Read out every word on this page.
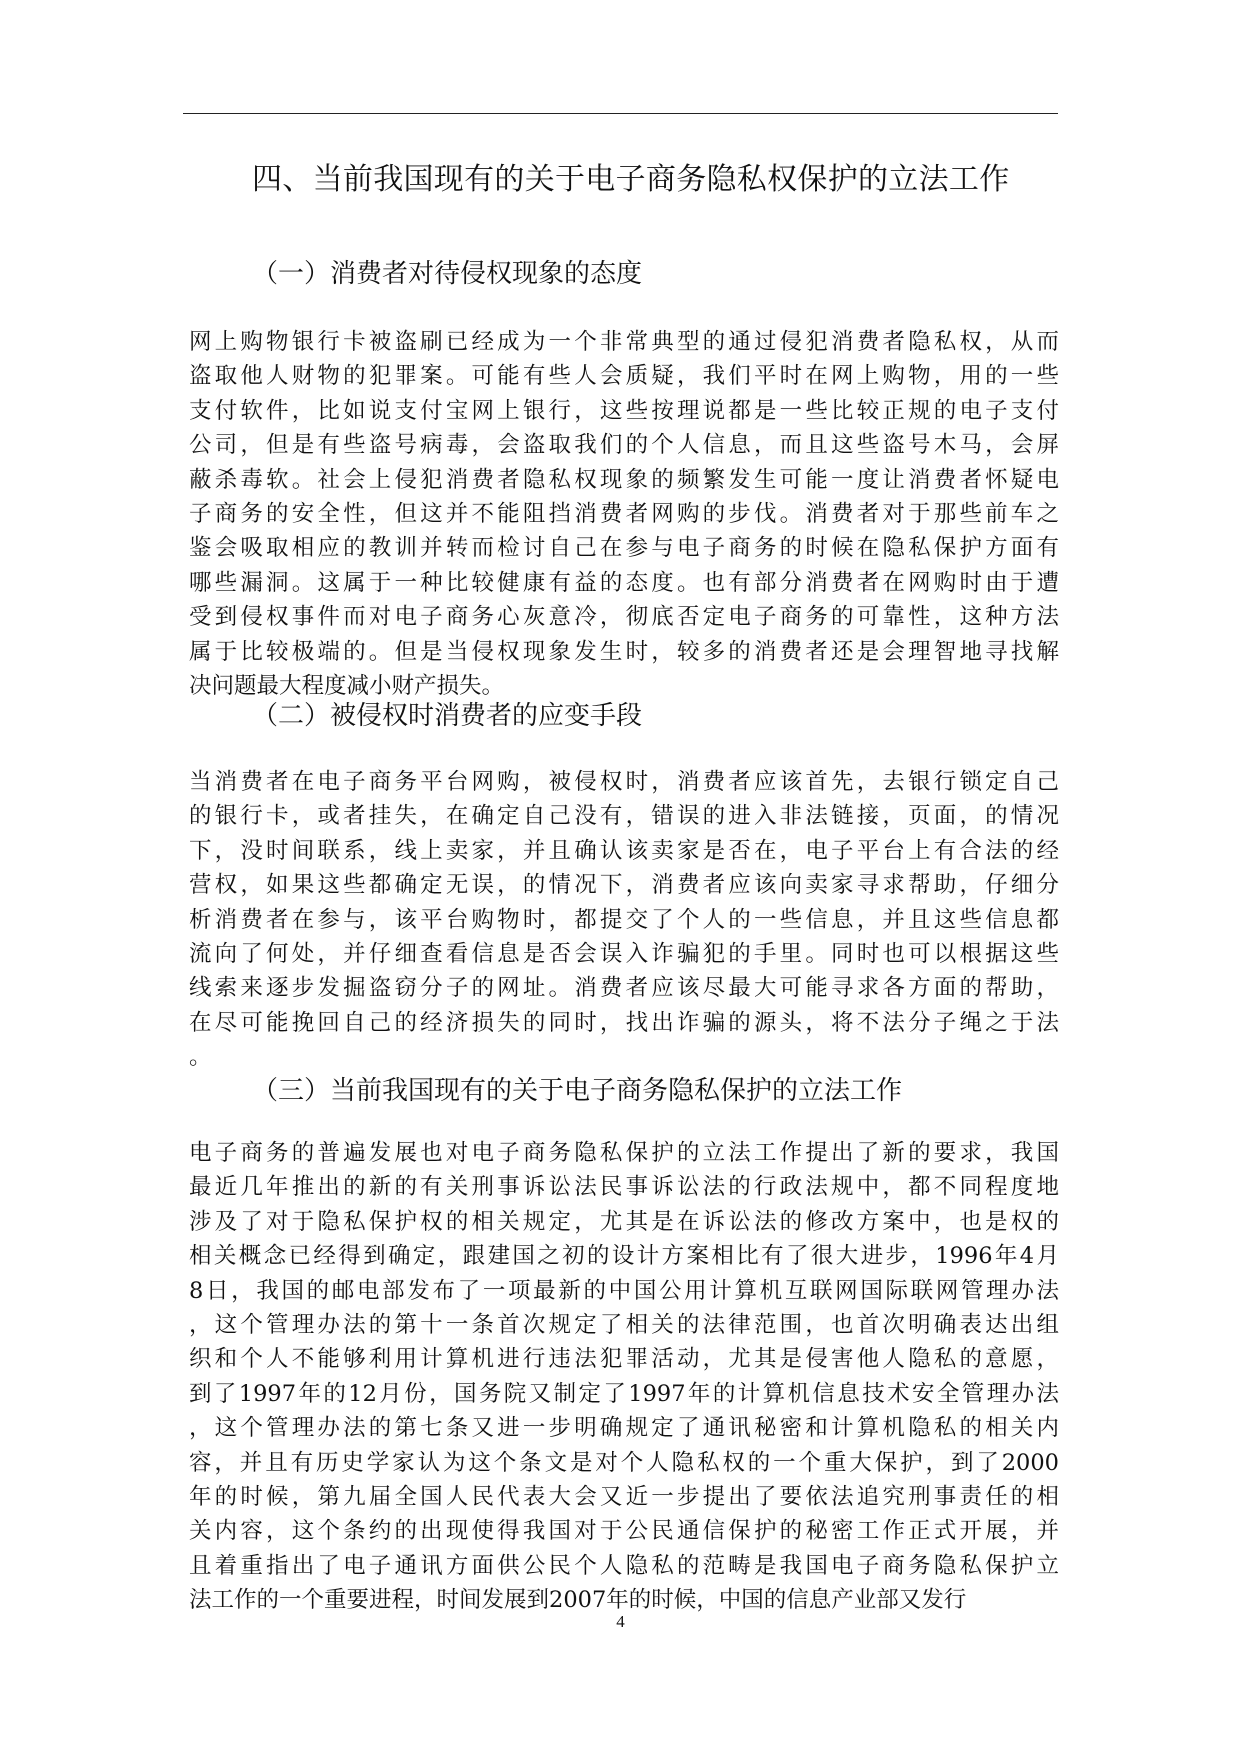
四、当前我国现有的关于电子商务隐私权保护的立法工作
（一）消费者对待侵权现象的态度
网上购物银行卡被盗刷已经成为一个非常典型的通过侵犯消费者隐私权，从而
盗取他人财物的犯罪案。可能有些人会质疑，我们平时在网上购物，用的一些
支付软件，比如说支付宝网上银行，这些按理说都是一些比较正规的电子支付
公司，但是有些盗号病毒，会盗取我们的个人信息，而且这些盗号木马，会屏
蔽杀毒软。社会上侵犯消费者隐私权现象的频繁发生可能一度让消费者怀疑电
子商务的安全性，但这并不能阻挡消费者网购的步伐。消费者对于那些前车之
鉴会吸取相应的教训并转而检讨自己在参与电子商务的时候在隐私保护方面有
哪些漏洞。这属于一种比较健康有益的态度。也有部分消费者在网购时由于遭
受到侵权事件而对电子商务心灰意冷，彻底否定电子商务的可靠性，这种方法
属于比较极端的。但是当侵权现象发生时，较多的消费者还是会理智地寻找解
决问题最大程度减小财产损失。
（二）被侵权时消费者的应变手段
当消费者在电子商务平台网购，被侵权时，消费者应该首先，去银行锁定自己
的银行卡，或者挂失，在确定自己没有，错误的进入非法链接，页面，的情况
下，没时间联系，线上卖家，并且确认该卖家是否在，电子平台上有合法的经
营权，如果这些都确定无误，的情况下，消费者应该向卖家寻求帮助，仔细分
析消费者在参与，该平台购物时，都提交了个人的一些信息，并且这些信息都
流向了何处，并仔细查看信息是否会误入诈骗犯的手里。同时也可以根据这些
线索来逐步发掘盗窃分子的网址。消费者应该尽最大可能寻求各方面的帮助，
在尽可能挽回自己的经济损失的同时，找出诈骗的源头，将不法分子绳之于法
。
（三）当前我国现有的关于电子商务隐私保护的立法工作
电子商务的普遍发展也对电子商务隐私保护的立法工作提出了新的要求，我国
最近几年推出的新的有关刑事诉讼法民事诉讼法的行政法规中，都不同程度地
涉及了对于隐私保护权的相关规定，尤其是在诉讼法的修改方案中，也是权的
相关概念已经得到确定，跟建国之初的设计方案相比有了很大进步，1996年4月
8日，我国的邮电部发布了一项最新的中国公用计算机互联网国际联网管理办法
，这个管理办法的第十一条首次规定了相关的法律范围，也首次明确表达出组
织和个人不能够利用计算机进行违法犯罪活动，尤其是侵害他人隐私的意愿，
到了1997年的12月份，国务院又制定了1997年的计算机信息技术安全管理办法
，这个管理办法的第七条又进一步明确规定了通讯秘密和计算机隐私的相关内
容，并且有历史学家认为这个条文是对个人隐私权的一个重大保护，到了2000
年的时候，第九届全国人民代表大会又近一步提出了要依法追究刑事责任的相
关内容，这个条约的出现使得我国对于公民通信保护的秘密工作正式开展，并
且着重指出了电子通讯方面供公民个人隐私的范畴是我国电子商务隐私保护立
法工作的一个重要进程，时间发展到2007年的时候，中国的信息产业部又发行
4
